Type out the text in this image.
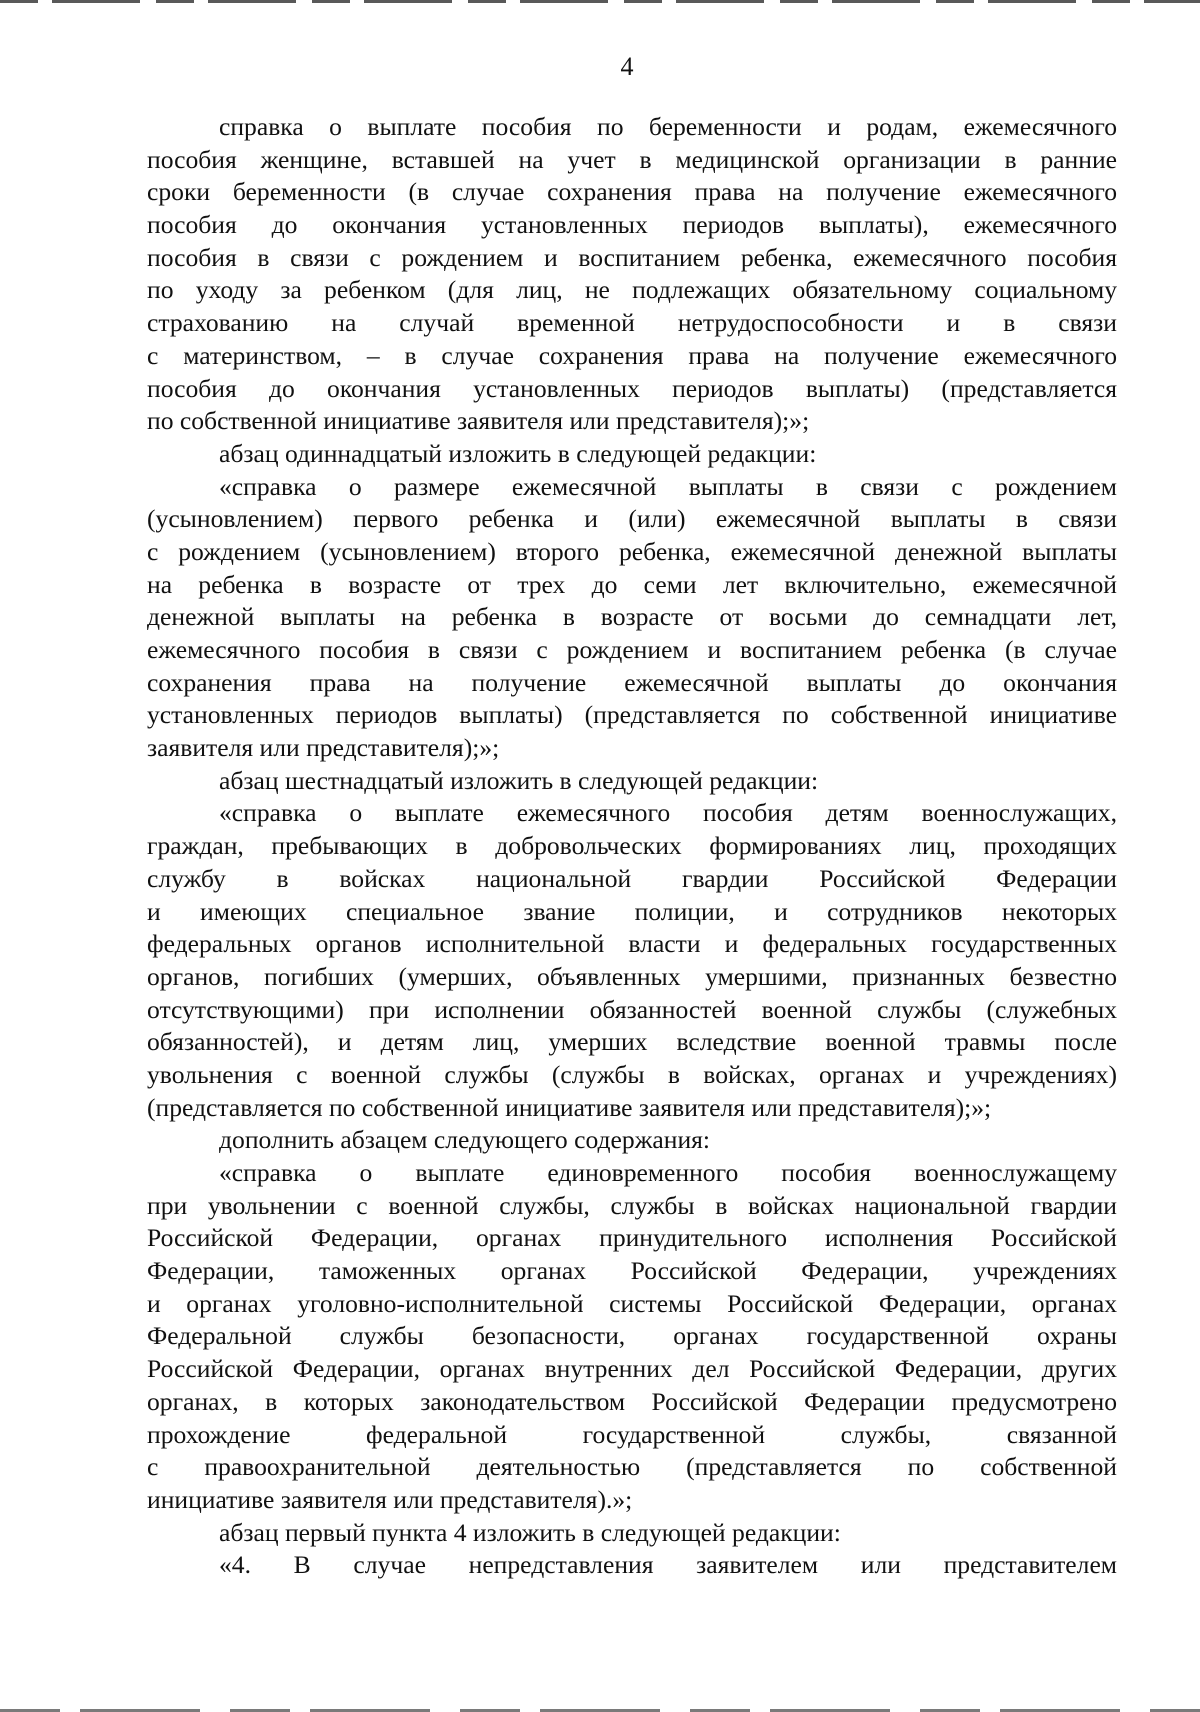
4
справка о выплате пособия по беременности и родам, ежемесячного
пособия женщине, вставшей на учет в медицинской организации в ранние
сроки беременности (в случае сохранения права на получение ежемесячного
пособия до окончания установленных периодов выплаты), ежемесячного
пособия в связи с рождением и воспитанием ребенка, ежемесячного пособия
по уходу за ребенком (для лиц, не подлежащих обязательному социальному
страхованию на случай временной нетрудоспособности и в связи
с материнством, – в случае сохранения права на получение ежемесячного
пособия до окончания установленных периодов выплаты) (представляется
по собственной инициативе заявителя или представителя);»;
абзац одиннадцатый изложить в следующей редакции:
«справка о размере ежемесячной выплаты в связи с рождением
(усыновлением) первого ребенка и (или) ежемесячной выплаты в связи
с рождением (усыновлением) второго ребенка, ежемесячной денежной выплаты
на ребенка в возрасте от трех до семи лет включительно, ежемесячной
денежной выплаты на ребенка в возрасте от восьми до семнадцати лет,
ежемесячного пособия в связи с рождением и воспитанием ребенка (в случае
сохранения права на получение ежемесячной выплаты до окончания
установленных периодов выплаты) (представляется по собственной инициативе
заявителя или представителя);»;
абзац шестнадцатый изложить в следующей редакции:
«справка о выплате ежемесячного пособия детям военнослужащих,
граждан, пребывающих в добровольческих формированиях лиц, проходящих
службу в войсках национальной гвардии Российской Федерации
и имеющих специальное звание полиции, и сотрудников некоторых
федеральных органов исполнительной власти и федеральных государственных
органов, погибших (умерших, объявленных умершими, признанных безвестно
отсутствующими) при исполнении обязанностей военной службы (служебных
обязанностей), и детям лиц, умерших вследствие военной травмы после
увольнения с военной службы (службы в войсках, органах и учреждениях)
(представляется по собственной инициативе заявителя или представителя);»;
дополнить абзацем следующего содержания:
«справка о выплате единовременного пособия военнослужащему
при увольнении с военной службы, службы в войсках национальной гвардии
Российской Федерации, органах принудительного исполнения Российской
Федерации, таможенных органах Российской Федерации, учреждениях
и органах уголовно-исполнительной системы Российской Федерации, органах
Федеральной службы безопасности, органах государственной охраны
Российской Федерации, органах внутренних дел Российской Федерации, других
органах, в которых законодательством Российской Федерации предусмотрено
прохождение федеральной государственной службы, связанной
с правоохранительной деятельностью (представляется по собственной
инициативе заявителя или представителя).»;
абзац первый пункта 4 изложить в следующей редакции:
«4. В случае непредставления заявителем или представителем
